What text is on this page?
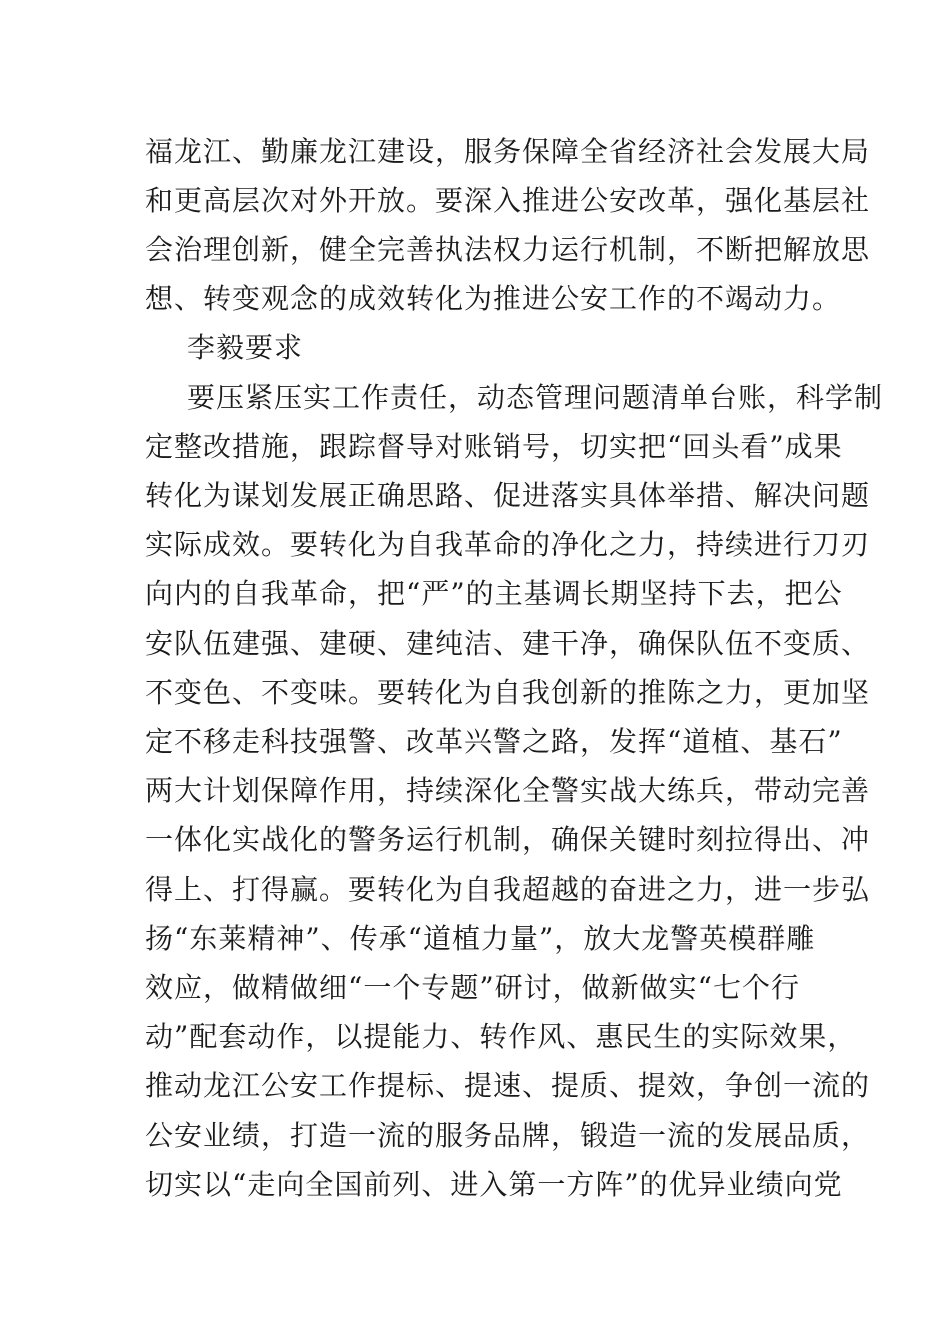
福龙江、勤廉龙江建设，服务保障全省经济社会发展大局
和更高层次对外开放。要深入推进公安改革，强化基层社
会治理创新，健全完善执法权力运行机制，不断把解放思
想、转变观念的成效转化为推进公安工作的不竭动力。
李毅要求
要压紧压实工作责任，动态管理问题清单台账，科学制
定整改措施，跟踪督导对账销号，切实把“回头看”成果
转化为谋划发展正确思路、促进落实具体举措、解决问题
实际成效。要转化为自我革命的净化之力，持续进行刀刃
向内的自我革命，把“严”的主基调长期坚持下去，把公
安队伍建强、建硬、建纯洁、建干净，确保队伍不变质、
不变色、不变味。要转化为自我创新的推陈之力，更加坚
定不移走科技强警、改革兴警之路，发挥“道植、基石”
两大计划保障作用，持续深化全警实战大练兵，带动完善
一体化实战化的警务运行机制，确保关键时刻拉得出、冲
得上、打得赢。要转化为自我超越的奋进之力，进一步弘
扬“东莱精神”、传承“道植力量”，放大龙警英模群雕
效应，做精做细“一个专题”研讨，做新做实“七个行
动”配套动作，以提能力、转作风、惠民生的实际效果，
推动龙江公安工作提标、提速、提质、提效，争创一流的
公安业绩，打造一流的服务品牌，锻造一流的发展品质，
切实以“走向全国前列、进入第一方阵”的优异业绩向党
